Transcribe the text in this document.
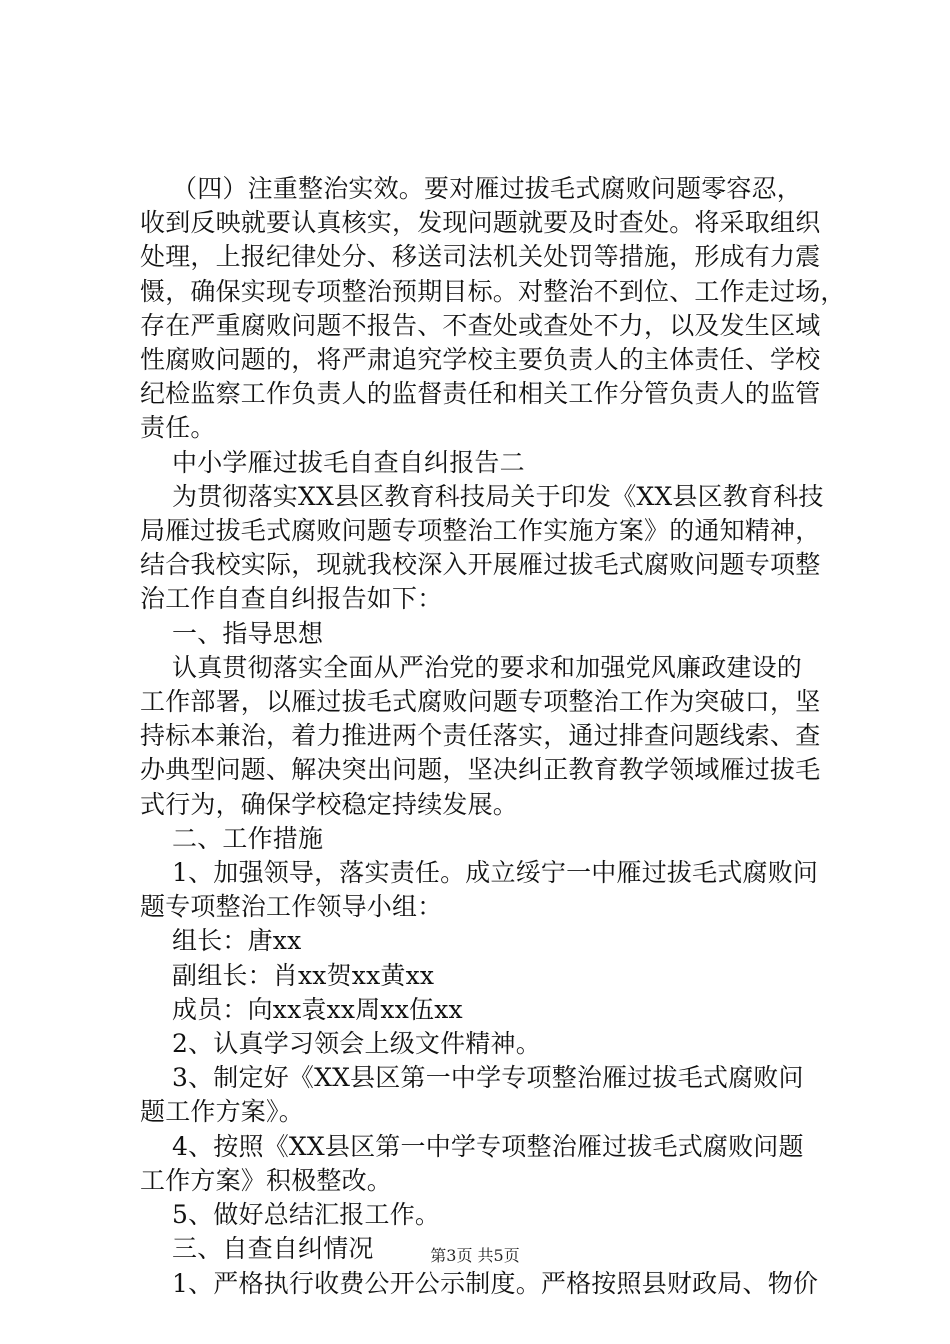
（四）注重整治实效。要对雁过拔毛式腐败问题零容忍，
收到反映就要认真核实，发现问题就要及时查处。将采取组织
处理，上报纪律处分、移送司法机关处罚等措施，形成有力震
慑，确保实现专项整治预期目标。对整治不到位、工作走过场，
存在严重腐败问题不报告、不查处或查处不力，以及发生区域
性腐败问题的，将严肃追究学校主要负责人的主体责任、学校
纪检监察工作负责人的监督责任和相关工作分管负责人的监管
责任。
中小学雁过拔毛自查自纠报告二
为贯彻落实XX县区教育科技局关于印发《XX县区教育科技
局雁过拔毛式腐败问题专项整治工作实施方案》的通知精神，
结合我校实际，现就我校深入开展雁过拔毛式腐败问题专项整
治工作自查自纠报告如下：
一、指导思想
认真贯彻落实全面从严治党的要求和加强党风廉政建设的
工作部署，以雁过拔毛式腐败问题专项整治工作为突破口，坚
持标本兼治，着力推进两个责任落实，通过排查问题线索、查
办典型问题、解决突出问题，坚决纠正教育教学领域雁过拔毛
式行为，确保学校稳定持续发展。
二、工作措施
1、加强领导，落实责任。成立绥宁一中雁过拔毛式腐败问
题专项整治工作领导小组：
组长：唐xx
副组长：肖xx贺xx黄xx
成员：向xx袁xx周xx伍xx
2、认真学习领会上级文件精神。
3、制定好《XX县区第一中学专项整治雁过拔毛式腐败问
题工作方案》。
4、按照《XX县区第一中学专项整治雁过拔毛式腐败问题
工作方案》积极整改。
5、做好总结汇报工作。
三、自查自纠情况
1、严格执行收费公开公示制度。严格按照县财政局、物价
第3页 共5页
